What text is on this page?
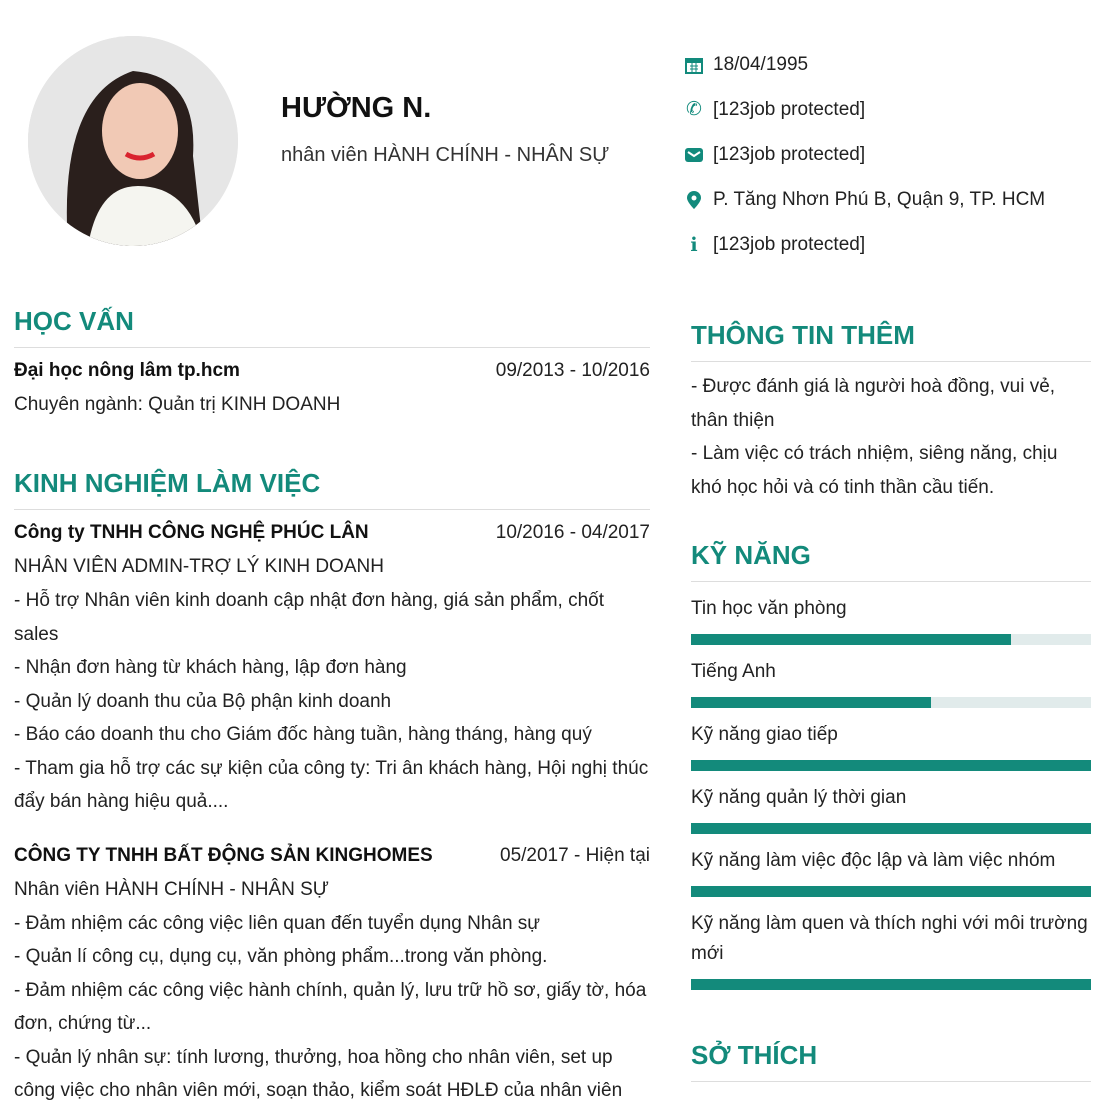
HƯỜNG N.
nhân viên HÀNH CHÍNH - NHÂN SỰ
18/04/1995
✆ [123job protected]
[123job protected]
P. Tăng Nhơn Phú B, Quận 9, TP. HCM
i [123job protected]
HỌC VẤN
Đại học nông lâm tp.hcm	09/2013 - 10/2016
Chuyên ngành: Quản trị KINH DOANH
KINH NGHIỆM LÀM VIỆC
Công ty TNHH CÔNG NGHỆ PHÚC LÂN	10/2016 - 04/2017
NHÂN VIÊN ADMIN-TRỢ LÝ KINH DOANH
- Hỗ trợ Nhân viên kinh doanh cập nhật đơn hàng, giá sản phẩm, chốt sales
- Nhận đơn hàng từ khách hàng, lập đơn hàng
- Quản lý doanh thu của Bộ phận kinh doanh
- Báo cáo doanh thu cho Giám đốc hàng tuần, hàng tháng, hàng quý
- Tham gia hỗ trợ các sự kiện của công ty: Tri ân khách hàng, Hội nghị thúc đẩy bán hàng hiệu quả....
CÔNG TY TNHH BẤT ĐỘNG SẢN KINGHOMES	05/2017 - Hiện tại
Nhân viên HÀNH CHÍNH - NHÂN SỰ
- Đảm nhiệm các công việc liên quan đến tuyển dụng Nhân sự
- Quản lí công cụ, dụng cụ, văn phòng phẩm...trong văn phòng.
- Đảm nhiệm các công việc hành chính, quản lý, lưu trữ hồ sơ, giấy tờ, hóa đơn, chứng từ...
- Quản lý nhân sự: tính lương, thưởng, hoa hồng cho nhân viên, set up công việc cho nhân viên mới, soạn thảo, kiểm soát HĐLĐ của nhân viên
THÔNG TIN THÊM
- Được đánh giá là người hoà đồng, vui vẻ, thân thiện
- Làm việc có trách nhiệm, siêng năng, chịu khó học hỏi và có tinh thần cầu tiến.
KỸ NĂNG
Tin học văn phòng
Tiếng Anh
Kỹ năng giao tiếp
Kỹ năng quản lý thời gian
Kỹ năng làm việc độc lập và làm việc nhóm
Kỹ năng làm quen và thích nghi với môi trường mới
SỞ THÍCH
